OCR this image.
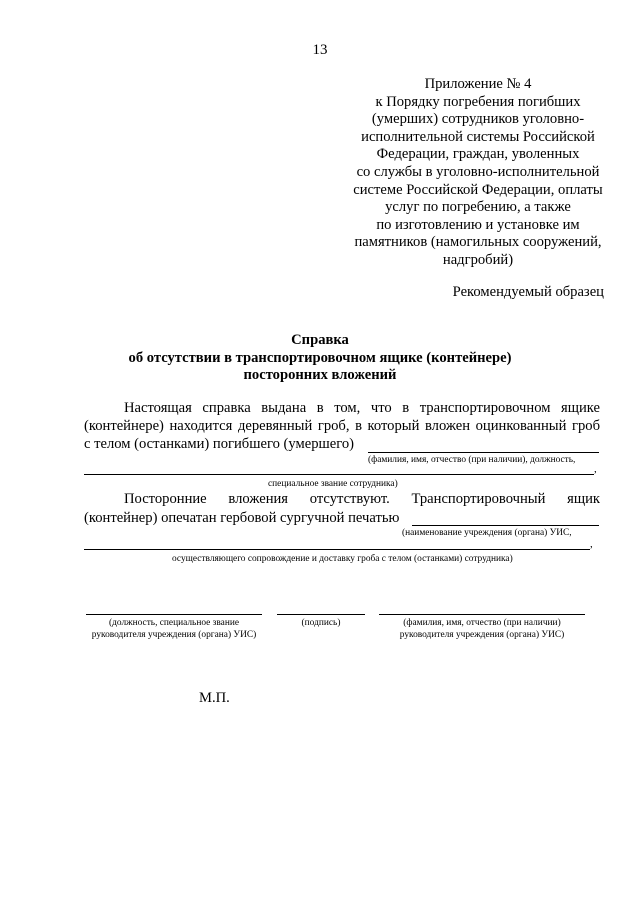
13
Приложение № 4
к Порядку погребения погибших
(умерших) сотрудников уголовно-
исполнительной системы Российской
Федерации, граждан, уволенных
со службы в уголовно-исполнительной
системе Российской Федерации, оплаты
услуг по погребению, а также
по изготовлению и установке им
памятников (намогильных сооружений,
надгробий)
Рекомендуемый образец
Справка
об отсутствии в транспортировочном ящике (контейнере)
посторонних вложений
Настоящая справка выдана в том, что в транспортировочном ящике
(контейнере) находится деревянный гроб, в который вложен оцинкованный гроб
с телом (останками) погибшего (умершего)
(фамилия, имя, отчество (при наличии), должность,
,
специальное звание сотрудника)
Посторонние вложения отсутствуют. Транспортировочный ящик
(контейнер) опечатан гербовой сургучной печатью
(наименование учреждения (органа) УИС,
,
осуществляющего сопровождение и доставку гроба с телом (останками) сотрудника)
(должность, специальное звание руководителя учреждения (органа) УИС)
(подпись)	(фамилия, имя, отчество (при наличии) руководителя учреждения (органа) УИС)
М.П.
